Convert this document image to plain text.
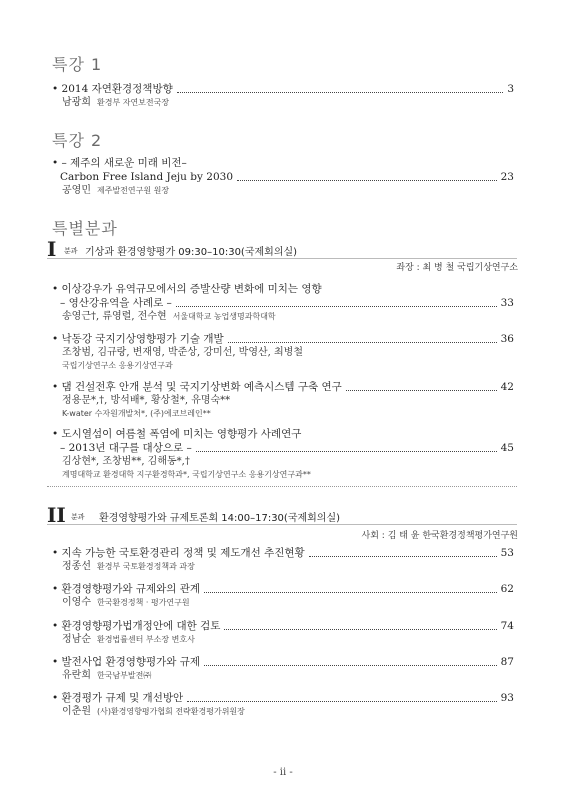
특강 1
특강 2
특별분과
• 2014 자연환경정책방향	3
남광희 환경부 자연보전국장
• – 제주의 새로운 미래 비전–
Carbon Free Island Jeju by 2030	23
공영민 제주발전연구원 원장
I 분과 기상과 환경영향평가 09:30–10:30(국제회의실)
좌장 : 최 병 철 국립기상연구소
• 이상강우가 유역규모에서의 증발산량 변화에 미치는 영향
– 영산강유역을 사례로 –	33
송영근†, 류영렬, 전수현 서울대학교 농업생명과학대학
• 낙동강 국지기상영향평가 기술 개발	36
조창범, 김규랑, 변재영, 박준상, 강미선, 박영산, 최병철
국립기상연구소 응용기상연구과
• 댐 건설전후 안개 분석 및 국지기상변화 예측시스템 구축 연구	42
정용문*,†, 방석배*, 황상철*, 유명숙**
K-water 수자원개발처*, (주)에코브레인**
• 도시열섬이 여름철 폭염에 미치는 영향평가 사례연구
– 2013년 대구를 대상으로 –	45
김상현*, 조창범**, 김해동*,†
계명대학교 환경대학 지구환경학과*, 국립기상연구소 응용기상연구과**
II 분과 환경영향평가와 규제토론회 14:00–17:30(국제회의실)
사회 : 김 태 윤 한국환경정책평가연구원
• 지속 가능한 국토환경관리 정책 및 제도개선 추진현황	53
정종선 환경부 국토환경정책과 과장
• 환경영향평가와 규제와의 관계	62
이영수 한국환경정책 · 평가연구원
• 환경영향평가법개정안에 대한 검토	74
정남순 환경법률센터 부소장 변호사
• 발전사업 환경영향평가와 규제	87
유란희 한국남부발전㈜
• 환경평가 규제 및 개선방안	93
이춘원 (사)환경영향평가협회 전략환경평가위원장
- ii -
